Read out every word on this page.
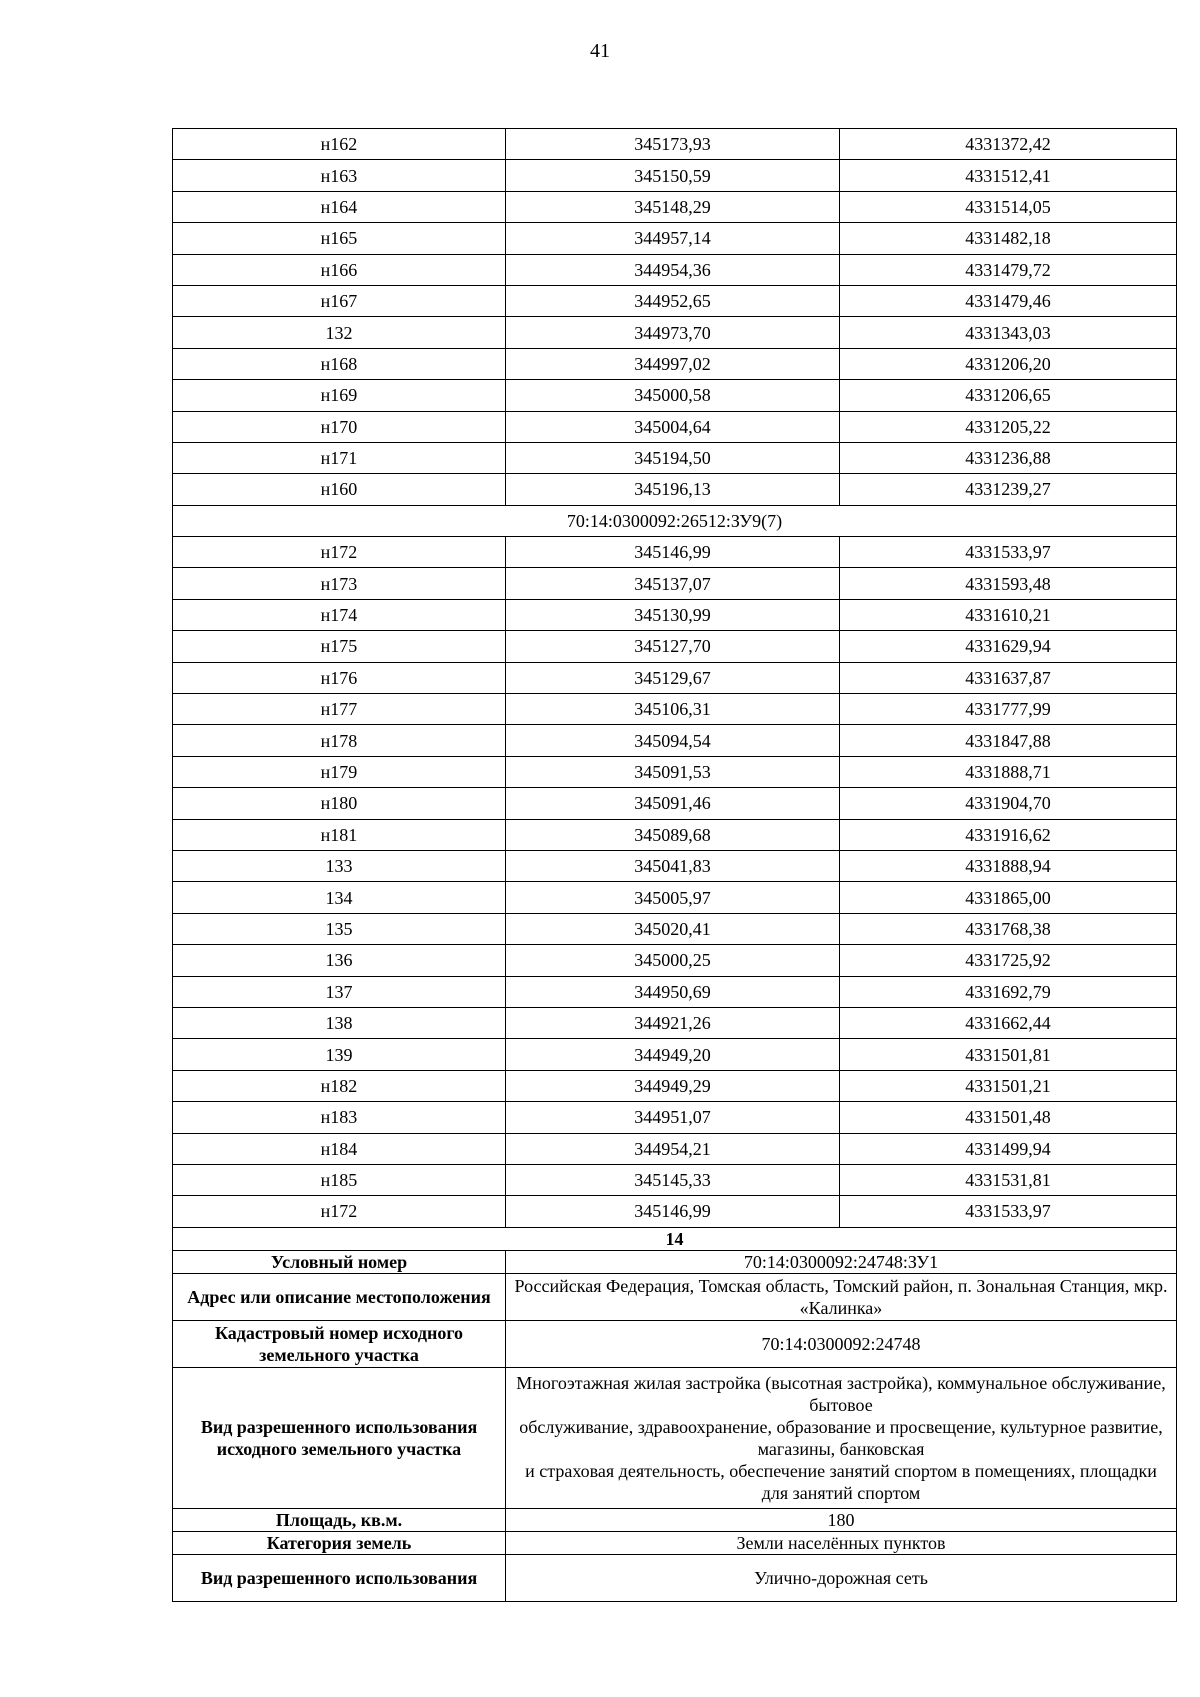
41
н162	345173,93	4331372,42
н163	345150,59	4331512,41
н164	345148,29	4331514,05
н165	344957,14	4331482,18
н166	344954,36	4331479,72
н167	344952,65	4331479,46
132	344973,70	4331343,03
н168	344997,02	4331206,20
н169	345000,58	4331206,65
н170	345004,64	4331205,22
н171	345194,50	4331236,88
н160	345196,13	4331239,27
70:14:0300092:26512:ЗУ9(7)		
н172	345146,99	4331533,97
н173	345137,07	4331593,48
н174	345130,99	4331610,21
н175	345127,70	4331629,94
н176	345129,67	4331637,87
н177	345106,31	4331777,99
н178	345094,54	4331847,88
н179	345091,53	4331888,71
н180	345091,46	4331904,70
н181	345089,68	4331916,62
133	345041,83	4331888,94
134	345005,97	4331865,00
135	345020,41	4331768,38
136	345000,25	4331725,92
137	344950,69	4331692,79
138	344921,26	4331662,44
139	344949,20	4331501,81
н182	344949,29	4331501,21
н183	344951,07	4331501,48
н184	344954,21	4331499,94
н185	345145,33	4331531,81
н172	345146,99	4331533,97
14		
Условный номер	70:14:0300092:24748:ЗУ1	
Адрес или описание местоположения	Российская Федерация, Томская область, Томский район, п. Зональная Станция, мкр. «Калинка»	
Кадастровый номер исходного земельного участка	70:14:0300092:24748	
Вид разрешенного использования исходного земельного участка	Многоэтажная жилая застройка (высотная застройка), коммунальное обслуживание, бытовое
обслуживание, здравоохранение, образование и просвещение, культурное развитие, магазины, банковская
и страховая деятельность, обеспечение занятий спортом в помещениях, площадки для занятий спортом	

Площадь, кв.м.	180	
Категория земель	Земли населённых пунктов	
Вид разрешенного использования	Улично-дорожная сеть	
